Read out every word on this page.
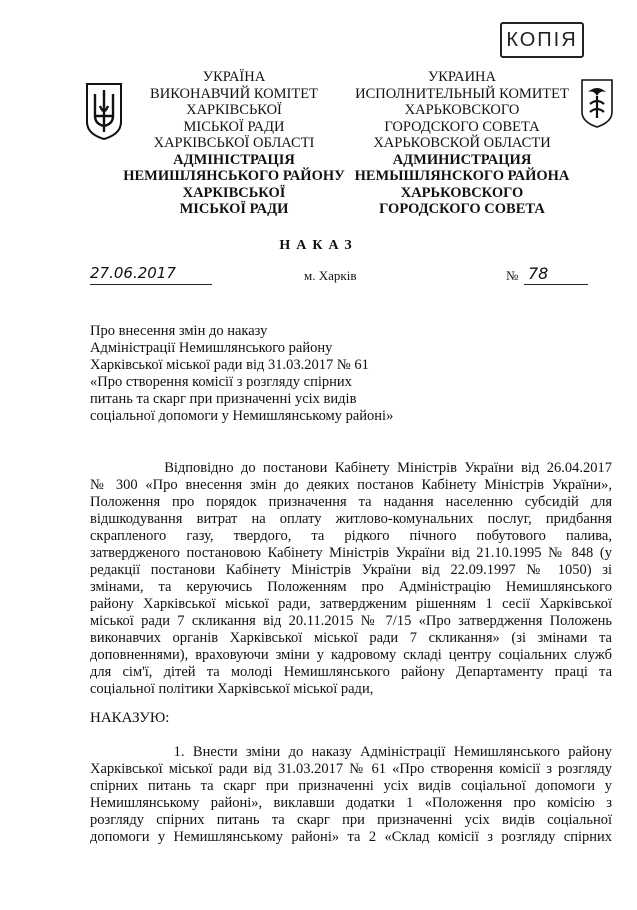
КОПІЯ
УКРАЇНА
ВИКОНАВЧИЙ КОМІТЕТ
ХАРКІВСЬКОЇ
МІСЬКОЇ РАДИ
ХАРКІВСЬКОЇ ОБЛАСТІ
АДМІНІСТРАЦІЯ
НЕМИШЛЯНСЬКОГО РАЙОНУ
ХАРКІВСЬКОЇ
МІСЬКОЇ РАДИ
УКРАИНА
ИСПОЛНИТЕЛЬНЫЙ КОМИТЕТ
ХАРЬКОВСКОГО
ГОРОДСКОГО СОВЕТА
ХАРЬКОВСКОЙ ОБЛАСТИ
АДМИНИСТРАЦИЯ
НЕМЫШЛЯНСКОГО РАЙОНА
ХАРЬКОВСКОГО
ГОРОДСКОГО СОВЕТА
НАКАЗ
27.06.2017	м. Харків	№ 78
Про внесення змін до наказу
Адміністрації Немишлянського району
Харківської міської ради від 31.03.2017 № 61
«Про створення комісії з розгляду спірних
питань та скарг при призначенні усіх видів
соціальної допомоги у Немишлянському районі»
Відповідно до постанови Кабінету Міністрів України від 26.04.2017
№ 300 «Про внесення змін до деяких постанов Кабінету Міністрів України»,
Положення про порядок призначення та надання населенню субсидій для
відшкодування витрат на оплату житлово-комунальних послуг, придбання
скрапленого газу, твердого, та рідкого пічного побутового палива,
затвердженого постановою Кабінету Міністрів України від 21.10.1995 № 848 (у
редакції постанови Кабінету Міністрів України від 22.09.1997 № 1050) зі
змінами, та керуючись Положенням про Адміністрацію Немишлянського
району Харківської міської ради, затвердженим рішенням 1 сесії Харківської
міської ради 7 скликання від 20.11.2015 № 7/15 «Про затвердження Положень
виконавчих органів Харківської міської ради 7 скликання» (зі змінами та
доповненнями), враховуючи зміни у кадровому складі центру соціальних служб
для сім'ї, дітей та молоді Немишлянського району Департаменту праці та
соціальної політики Харківської міської ради,
НАКАЗУЮ:
1. Внести зміни до наказу Адміністрації Немишлянського району
Харківської міської ради від 31.03.2017 № 61 «Про створення комісії з розгляду
спірних питань та скарг при призначенні усіх видів соціальної допомоги у
Немишлянському районі», виклавши додатки 1 «Положення про комісію з
розгляду спірних питань та скарг при призначенні усіх видів соціальної
допомоги у Немишлянському районі» та 2 «Склад комісії з розгляду спірних
